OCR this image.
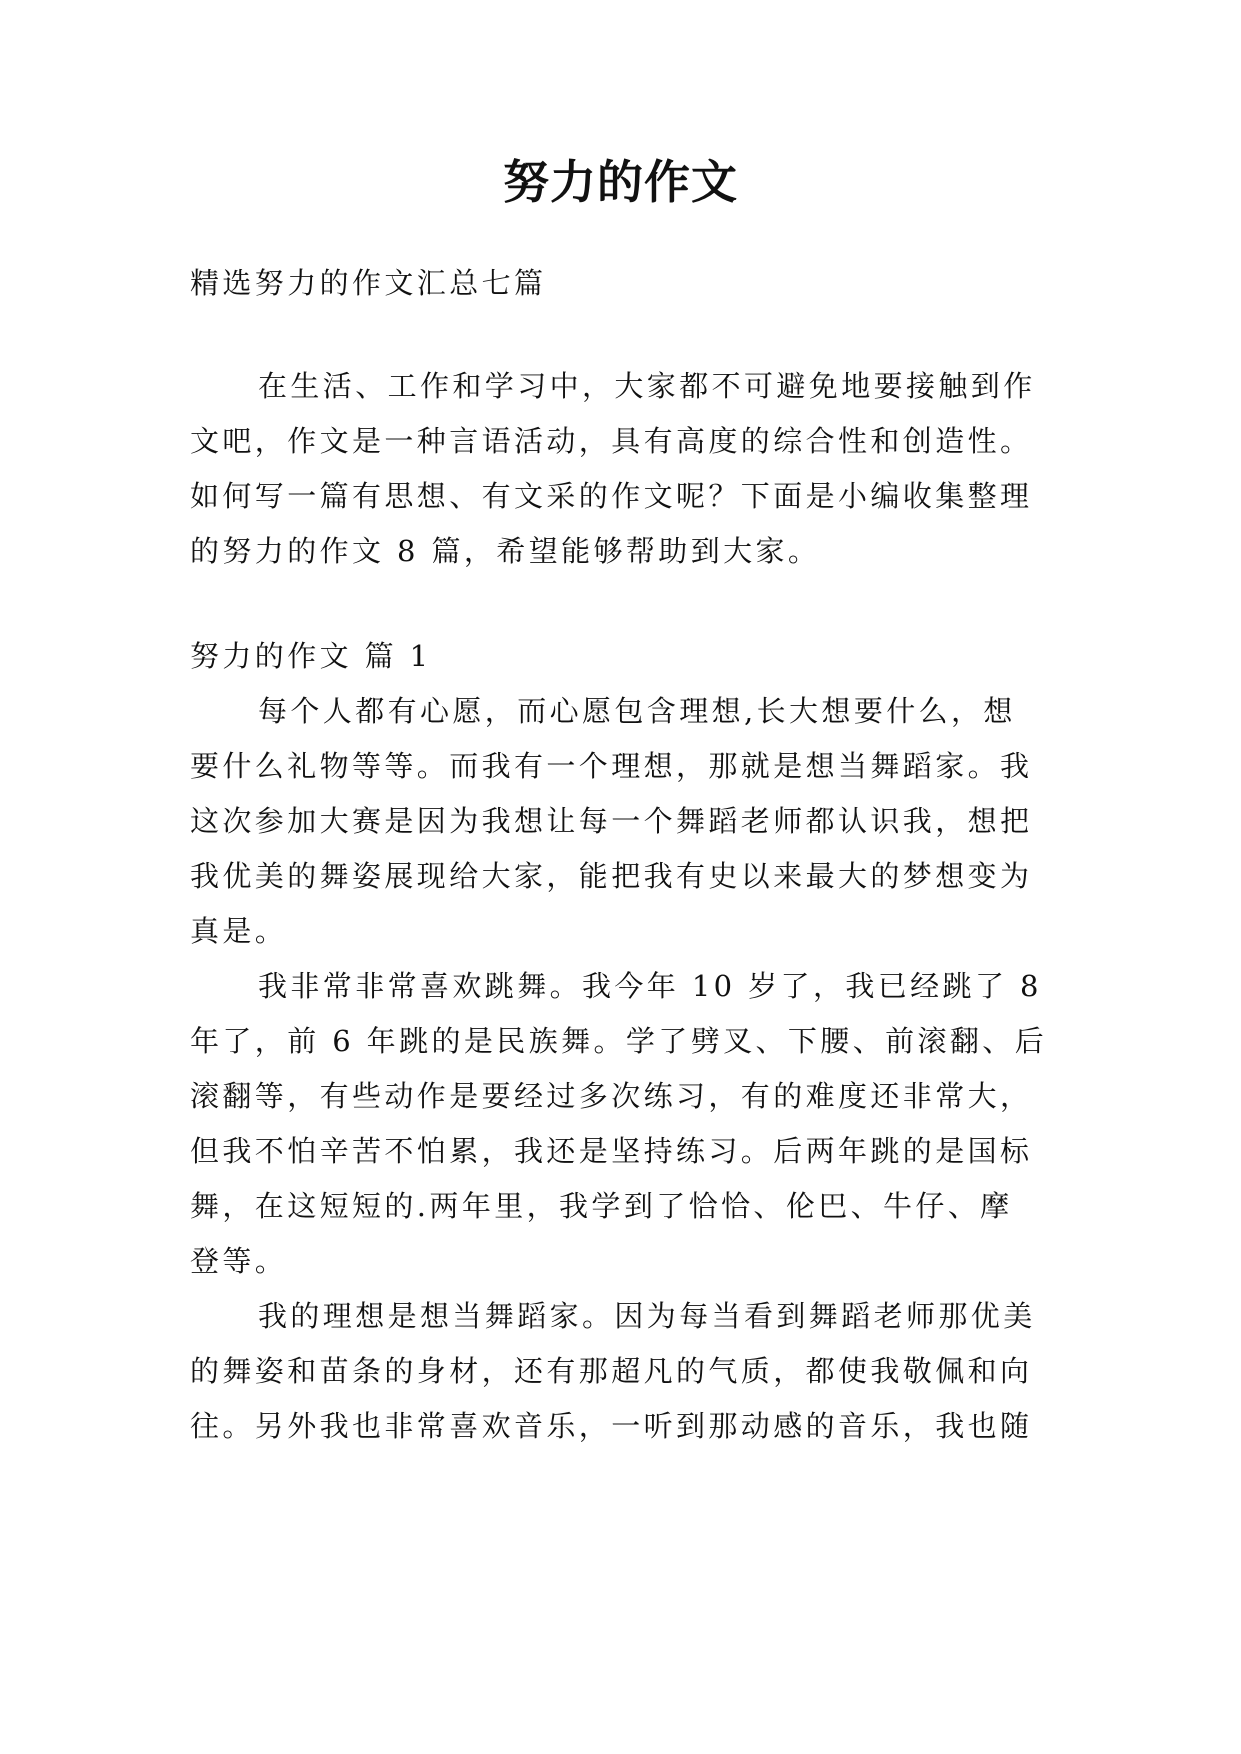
努力的作文
精选努力的作文汇总七篇
在生活、工作和学习中，大家都不可避免地要接触到作
文吧，作文是一种言语活动，具有高度的综合性和创造性。
如何写一篇有思想、有文采的作文呢？下面是小编收集整理
的努力的作文 8 篇，希望能够帮助到大家。
努力的作文 篇 1
每个人都有心愿，而心愿包含理想,长大想要什么，想
要什么礼物等等。而我有一个理想，那就是想当舞蹈家。我
这次参加大赛是因为我想让每一个舞蹈老师都认识我，想把
我优美的舞姿展现给大家，能把我有史以来最大的梦想变为
真是。
我非常非常喜欢跳舞。我今年 10 岁了，我已经跳了 8
年了，前 6 年跳的是民族舞。学了劈叉、下腰、前滚翻、后
滚翻等，有些动作是要经过多次练习，有的难度还非常大，
但我不怕辛苦不怕累，我还是坚持练习。后两年跳的是国标
舞，在这短短的.两年里，我学到了恰恰、伦巴、牛仔、摩
登等。
我的理想是想当舞蹈家。因为每当看到舞蹈老师那优美
的舞姿和苗条的身材，还有那超凡的气质，都使我敬佩和向
往。另外我也非常喜欢音乐，一听到那动感的音乐，我也随
